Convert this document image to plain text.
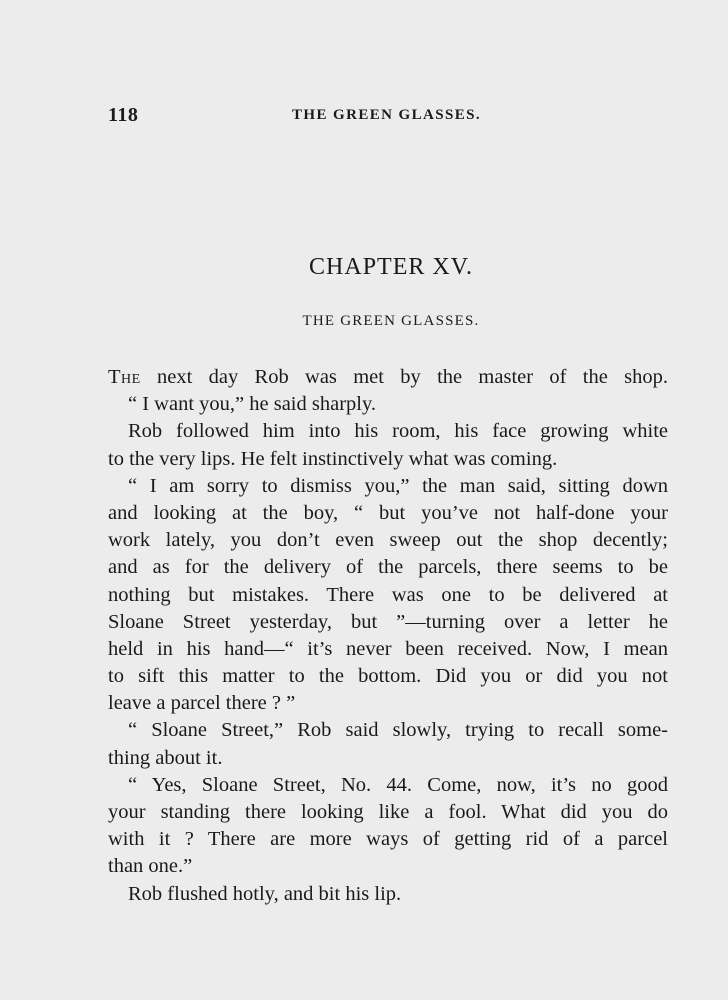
118	THE GREEN GLASSES.
CHAPTER XV.
THE GREEN GLASSES.
The next day Rob was met by the master of the shop.
“ I want you,” he said sharply.
Rob followed him into his room, his face growing white
to the very lips. He felt instinctively what was coming.
“ I am sorry to dismiss you,” the man said, sitting down
and looking at the boy, “ but you’ve not half-done your
work lately, you don’t even sweep out the shop decently;
and as for the delivery of the parcels, there seems to be
nothing but mistakes. There was one to be delivered at
Sloane Street yesterday, but ”—turning over a letter he
held in his hand—“ it’s never been received. Now, I mean
to sift this matter to the bottom. Did you or did you not
leave a parcel there ? ”
“ Sloane Street,” Rob said slowly, trying to recall some-
thing about it.
“ Yes, Sloane Street, No. 44. Come, now, it’s no good
your standing there looking like a fool. What did you do
with it ? There are more ways of getting rid of a parcel
than one.”
Rob flushed hotly, and bit his lip.
